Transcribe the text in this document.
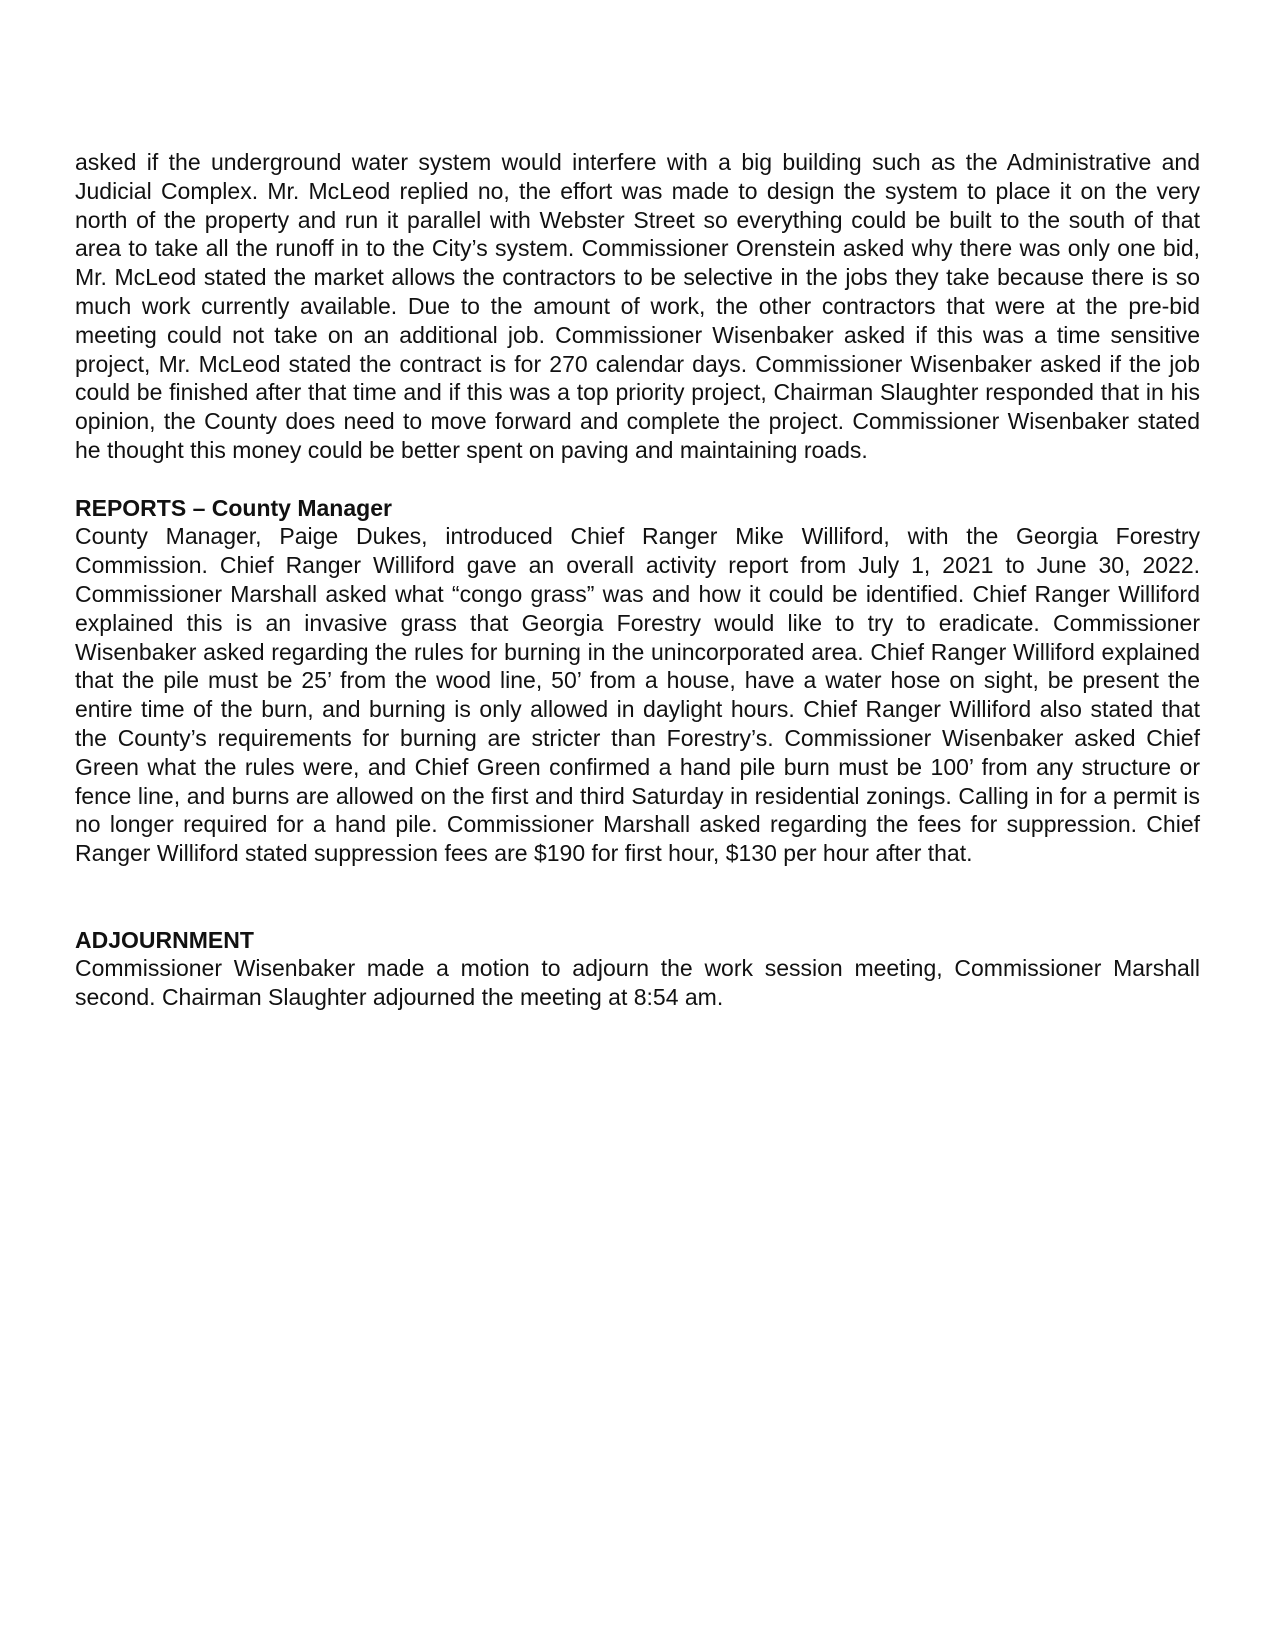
asked if the underground water system would interfere with a big building such as the Administrative and Judicial Complex. Mr. McLeod replied no, the effort was made to design the system to place it on the very north of the property and run it parallel with Webster Street so everything could be built to the south of that area to take all the runoff in to the City’s system. Commissioner Orenstein asked why there was only one bid, Mr. McLeod stated the market allows the contractors to be selective in the jobs they take because there is so much work currently available. Due to the amount of work, the other contractors that were at the pre-bid meeting could not take on an additional job. Commissioner Wisenbaker asked if this was a time sensitive project, Mr. McLeod stated the contract is for 270 calendar days. Commissioner Wisenbaker asked if the job could be finished after that time and if this was a top priority project, Chairman Slaughter responded that in his opinion, the County does need to move forward and complete the project. Commissioner Wisenbaker stated he thought this money could be better spent on paving and maintaining roads.

REPORTS – County Manager

County Manager, Paige Dukes, introduced Chief Ranger Mike Williford, with the Georgia Forestry Commission. Chief Ranger Williford gave an overall activity report from July 1, 2021 to June 30, 2022. Commissioner Marshall asked what “congo grass” was and how it could be identified. Chief Ranger Williford explained this is an invasive grass that Georgia Forestry would like to try to eradicate. Commissioner Wisenbaker asked regarding the rules for burning in the unincorporated area. Chief Ranger Williford explained that the pile must be 25’ from the wood line, 50’ from a house, have a water hose on sight, be present the entire time of the burn, and burning is only allowed in daylight hours. Chief Ranger Williford also stated that the County’s requirements for burning are stricter than Forestry’s. Commissioner Wisenbaker asked Chief Green what the rules were, and Chief Green confirmed a hand pile burn must be 100’ from any structure or fence line, and burns are allowed on the first and third Saturday in residential zonings. Calling in for a permit is no longer required for a hand pile. Commissioner Marshall asked regarding the fees for suppression. Chief Ranger Williford stated suppression fees are $190 for first hour, $130 per hour after that.

ADJOURNMENT

Commissioner Wisenbaker made a motion to adjourn the work session meeting, Commissioner Marshall second. Chairman Slaughter adjourned the meeting at 8:54 am.
